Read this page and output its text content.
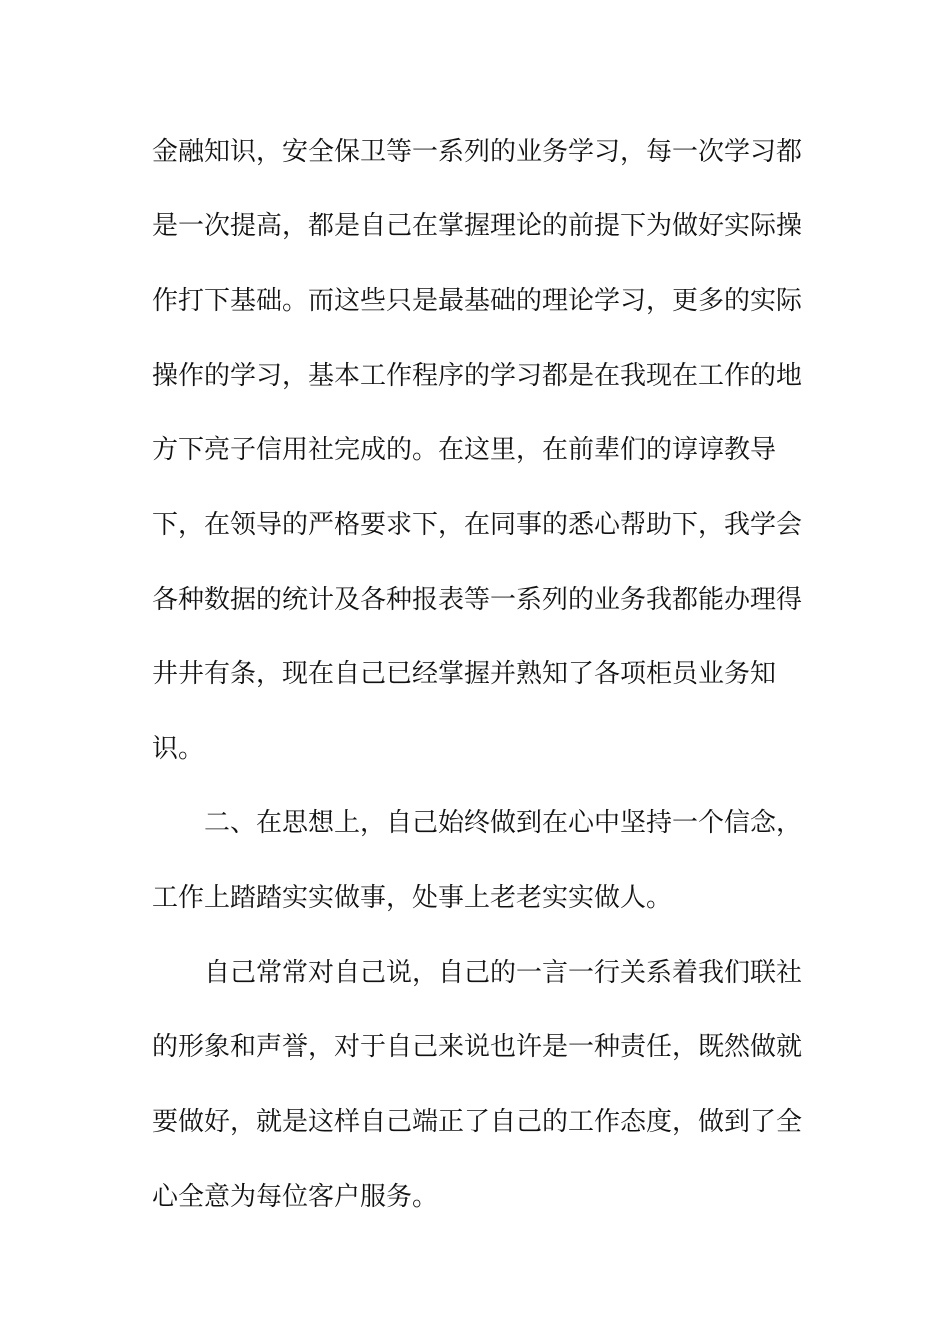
金融知识，安全保卫等一系列的业务学习，每一次学习都
是一次提高，都是自己在掌握理论的前提下为做好实际操
作打下基础。而这些只是最基础的理论学习，更多的实际
操作的学习，基本工作程序的学习都是在我现在工作的地
方下亮子信用社完成的。在这里，在前辈们的谆谆教导
下，在领导的严格要求下，在同事的悉心帮助下，我学会
各种数据的统计及各种报表等一系列的业务我都能办理得
井井有条，现在自己已经掌握并熟知了各项柜员业务知
识。
二、在思想上，自己始终做到在心中坚持一个信念，
工作上踏踏实实做事，处事上老老实实做人。
自己常常对自己说，自己的一言一行关系着我们联社
的形象和声誉，对于自己来说也许是一种责任，既然做就
要做好，就是这样自己端正了自己的工作态度，做到了全
心全意为每位客户服务。
